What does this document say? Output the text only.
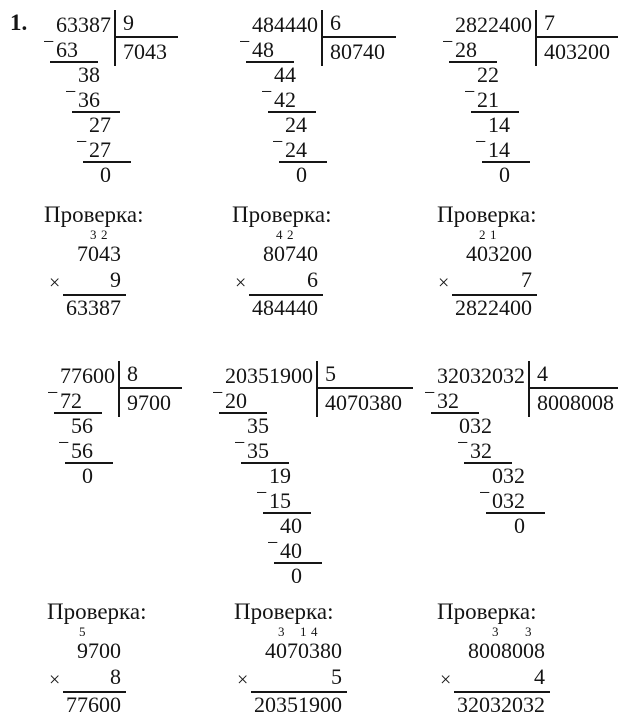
1. 63387 9
7043
63
−
38
36
−
27
27
−
0
Проверка:
3 2
7043
× 9
63387
484440 6
80740
48
−
44
42
−
24
24
−
0
Проверка:
4 2
80740
×	6
484440
2822400 7
403200
28
−
22
21
−
14
14
−
0
Проверка:
2 1
403200
×	7
2822400
77600 8
9700
72
−
56
56
−
0
Проверка:
5
9700
× 8
77600
20351900 5
4070380
20
−
35
35
−
19
15
−
40
40
−
0
Проверка:
3 1 4
4070380
×	5
20351900
32032032 4
8008008
32
−
032
32
−
032
032
−
0
Проверка:
3 3
8008008
×	4
32032032
